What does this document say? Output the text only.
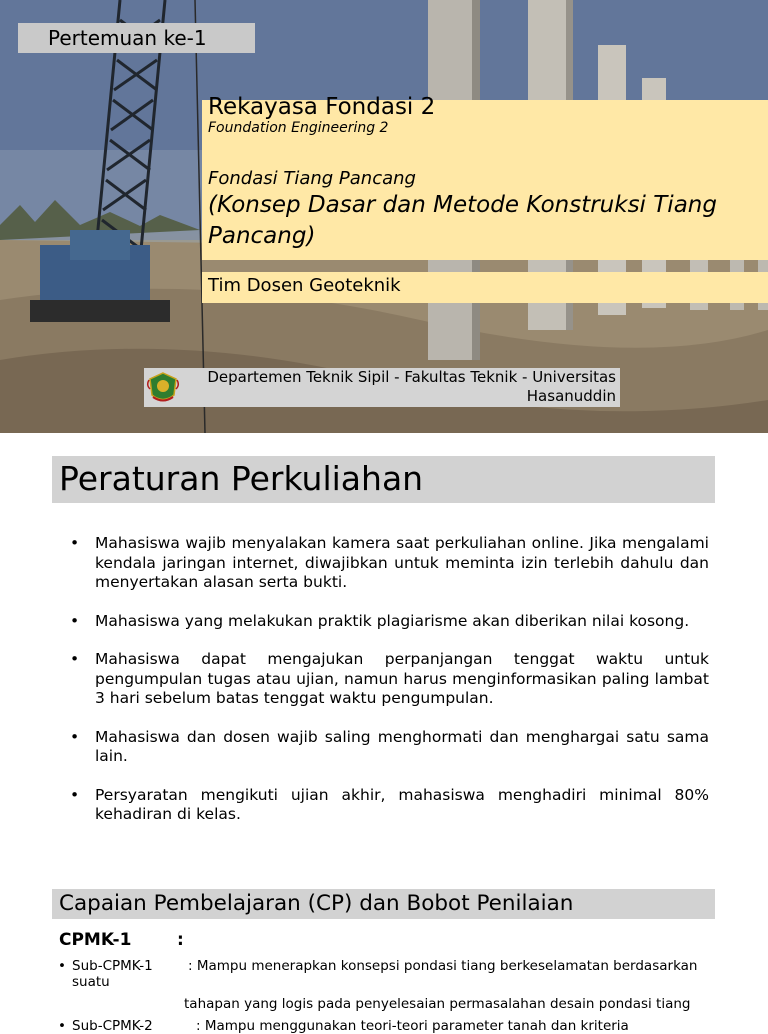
Pertemuan ke-1
Rekayasa Fondasi 2
Foundation Engineering 2
Fondasi Tiang Pancang
(Konsep Dasar dan Metode Konstruksi Tiang Pancang)
Tim Dosen Geoteknik
Departemen Teknik Sipil - Fakultas Teknik - Universitas Hasanuddin
Peraturan Perkuliahan
• Mahasiswa wajib menyalakan kamera saat perkuliahan online. Jika mengalami kendala jaringan internet, diwajibkan untuk meminta izin terlebih dahulu dan menyertakan alasan serta bukti.
• Mahasiswa yang melakukan praktik plagiarisme akan diberikan nilai kosong.
• Mahasiswa dapat mengajukan perpanjangan tenggat waktu untuk pengumpulan tugas atau ujian, namun harus menginformasikan paling lambat 3 hari sebelum batas tenggat waktu pengumpulan.
• Mahasiswa dan dosen wajib saling menghormati dan menghargai satu sama lain.
• Persyaratan mengikuti ujian akhir, mahasiswa menghadiri minimal 80% kehadiran di kelas.
Capaian Pembelajaran (CP) dan Bobot Penilaian
CPMK-1	:
• Sub-CPMK-1 suatu
: Mampu menerapkan konsepsi pondasi tiang berkeselamatan berdasarkan
tahapan yang logis pada penyelesaian permasalahan desain pondasi tiang
• Sub-CPMK-2	: Mampu menggunakan teori-teori parameter tanah dan kriteria
